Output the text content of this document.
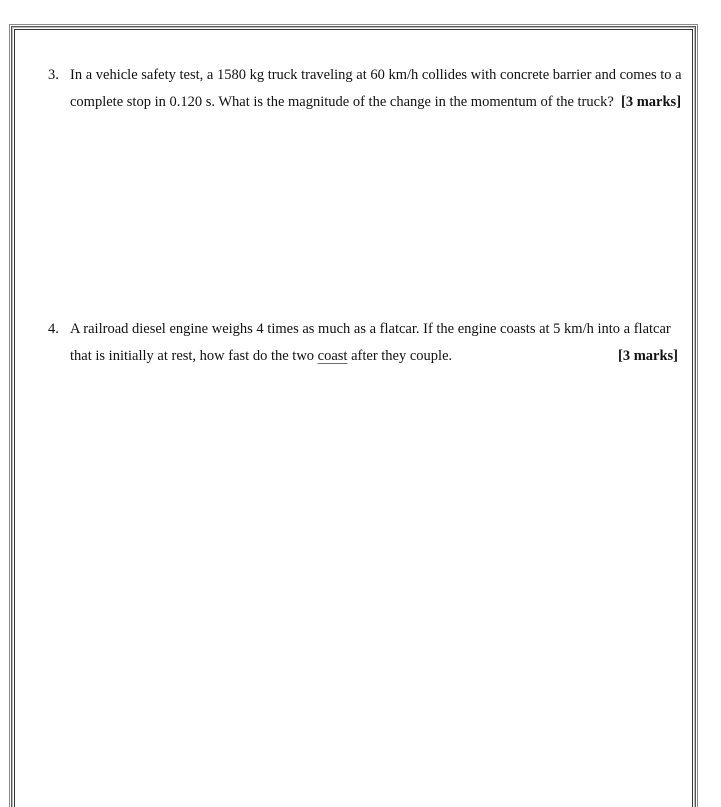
3. In a vehicle safety test, a 1580 kg truck traveling at 60 km/h collides with concrete barrier and comes to a
complete stop in 0.120 s. What is the magnitude of the change in the momentum of the truck? [3 marks]
4. A railroad diesel engine weighs 4 times as much as a flatcar. If the engine coasts at 5 km/h into a flatcar
that is initially at rest, how fast do the two coast after they couple.	[3 marks]
